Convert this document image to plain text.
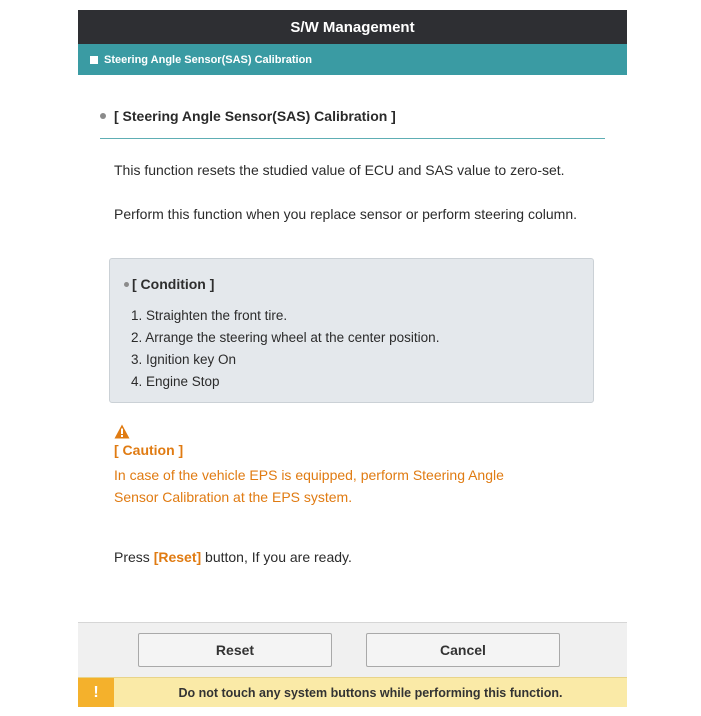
S/W Management
Steering Angle Sensor(SAS) Calibration
[ Steering Angle Sensor(SAS) Calibration ]
This function resets the studied value of ECU and SAS value to zero-set.
Perform this function when you replace sensor or perform steering column.
[ Condition ]
1. Straighten the front tire.
2. Arrange the steering wheel at the center position.
3. Ignition key On
4. Engine Stop
[ Caution ]
In case of the vehicle EPS is equipped, perform Steering Angle Sensor Calibration at the EPS system.
Press [Reset] button, If you are ready.
Reset	Cancel
!	Do not touch any system buttons while performing this function.
